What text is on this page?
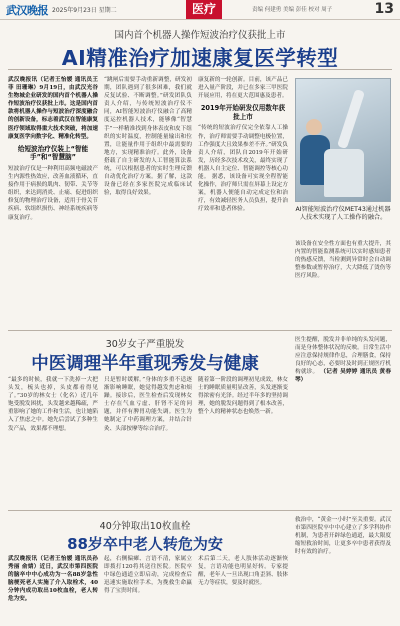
武汉晚报 2025年9月23日 星期二	医疗	责编 何建勇 美编 彭佳 校对 周子	13
国内首个机器人操作短波治疗仪获批上市
AI精准治疗加速康复医学转型
武汉晚报讯（记者王怡媛 通讯员王菲 田珊琳）9月19日，由武汉光谷生物城企业研发的国内首个机器人操作短波治疗仪获批上市。这是国内首款将机器人操作与短波治疗深度融合的创新设备，标志着武汉在智能康复医疗领域取得重大技术突破，将加速康复医学向数字化、精准化转型。
给短波治疗仪装上“智能手”和“智慧脑”
短波治疗仪是一种利用高频电磁波产生内源性热效应，改善血液循环，直接作用于病损的肌肉、韧带、关节等组织，来达到消炎、止痛、促进组织修复的物理治疗设备，适用于骨关节疾病、软组织损伤、神经系统疾病等康复治疗。
“跳闸后需要手动重新调整，研发初期，团队遇到了很多困难，我们就反复试验、不断调整。”研发团队负责人介绍，与传统短波治疗仪不同，AI智能短波治疗仪融合了高精度运控机器人技术，能够像“智慧手”一样精准找到身体表皮和皮下组织的实时温度，控制能量输出和位置，让能量作用于组织中最需要的地方，实现精准治疗。此外，设备搭载了自主研发的人工智能算法系统，可以根据患者的实时生理反馈自动优化治疗方案。据了解，这款设备已经在多家医院完成临床试验，取得良好效果。
康复新的一轮创新。目前，该产品已进入量产阶段，并已在多家三甲医院开展应用，将在更大范围惠及患者。
2019年开始研发仅用数年获批上市
“传统的短波治疗仪完全依靠人工操作，治疗师需要手动调整电极位置，工作强度大且效果参差不齐。”研发负责人介绍，团队自2019年开始研发，历经多次技术攻关，最终实现了机器人自主定位、智能调控等核心功能。 据悉，该设备可实现全程智能化操作，治疗师只需在屏幕上设定方案，机器人便能自动完成定位和治疗，有效减轻医务人员负担，提升治疗效率和患者体验。	AI智能短波治疗仪MET43通过机器人技术实现了人工操作的融合。
该设备在安全性方面也有重大提升，其内置的智能监测系统可以实时感知患者的热感反馈，当检测到异常时会自动调整参数或暂停治疗，大大降低了烫伤等医疗风险。
30岁女子严重脱发
中医调理半年重现秀发与健康
“最多的时候，我就一下洗掉一大把头发，梳头也掉，头皮都看得见了。”30岁的林女士（化名）近几年饱受脱发困扰，头发越来越稀疏，严重影响了她的工作和生活，也让她陷入了焦虑之中。她先后尝试了多种生发产品，效果都不理想。
只是暂时缓解。”身体的多重不适逐渐影响睡眠，她觉得越发焦虑和烦躁。接诊后，医生检查后发现林女士存在气血亏虚、肝肾不足的问题，并伴有脾胃功能失调。医生为她制定了中药调理方案，并结合针灸、头部按摩等综合治疗。
随着第一阶段的调理初见成效，林女士的睡眠质量明显改善，头发逐渐变得浓密有光泽。经过半年多的坚持调理，她的脱发问题得到了根本改善，整个人的精神状态也焕然一新。
医生提醒，脱发并非单纯的头发问题，而是身体整体状况的反映。日常生活中应注意保持规律作息，合理膳食，保持良好的心态，必要时及时到正规医疗机构就诊。 （记者 吴婷婷 通讯员 黄春琴）
40分钟取出10枚血栓
88岁卒中老人转危为安
武汉晚报讯（记者王怡媛 通讯员孙秀丽 俞婧）近日，武汉市第四医院的脑卒中中心成功为一名88岁急性脑梗死老人实施了介入取栓术，40分钟内成功取出10枚血栓，老人转危为安。
起，右侧偏瘫、言语不清，家属立即拨打120将其送往医院。医院卒中绿色通道立即启动，完成检查后迅速实施取栓手术，为挽救生命赢得了宝贵时间。
术后第二天，老人肢体活动逐渐恢复，言语功能也明显好转。专家提醒，老年人一旦出现口角歪斜、肢体无力等症状，要及时就医。
救治中，“黄金一小时”至关重要。武汉市第四医院卒中中心建立了多学科协作机制，为患者开辟绿色通道，最大限度缩短救治时间，让更多卒中患者获得及时有效的治疗。
